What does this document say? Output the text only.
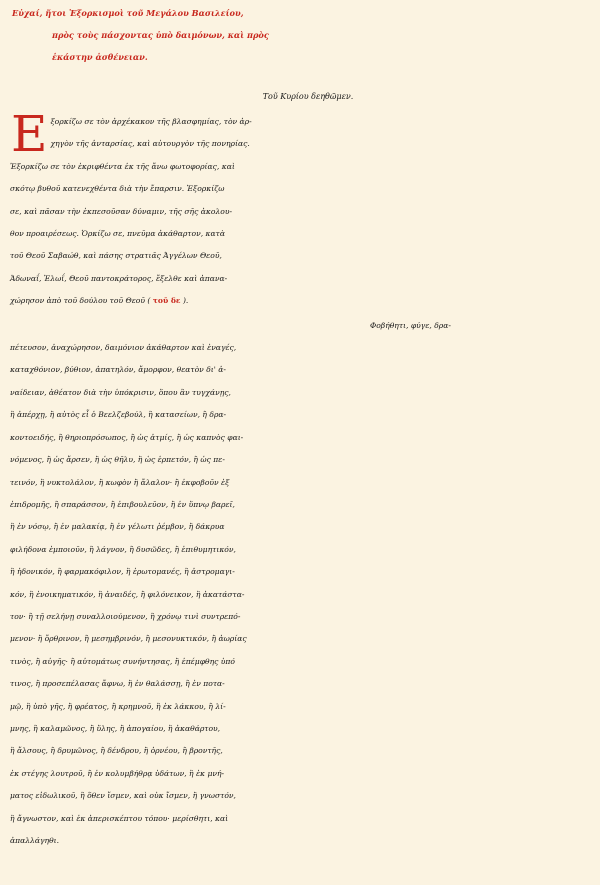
Εὐχαί, ἤτοι Ἐξορκισμοὶ τοῦ Μεγάλου Βασιλείου,
πρὸς τοὺς πάσχοντας ὑπὸ δαιμόνων, καὶ πρὸς
ἑκάστην ἀσθένειαν.
Τοῦ Κυρίου δεηθῶμεν.
Ε ξορκίζω σε τὸν ἀρχέκακον τῆς βλασφημίας, τὸν ἀρ-
χηγὸν τῆς ἀνταρσίας, καὶ αὐτουργὸν τῆς πονηρίας.
Ἐξορκίζω σε τὸν ἐκριφθέντα ἐκ τῆς ἄνω φωτοφορίας, καὶ
σκότῳ βυθοῦ κατενεχθέντα διὰ τὴν ἔπαρσιν. Ἐξορκίζω
σε, καὶ πᾶσαν τὴν ἐκπεσοῦσαν δύναμιν, τῆς σῆς ἀκολου-
θον προαιρέσεως. Ὁρκίζω σε, πνεῦμα ἀκάθαρτον, κατὰ
τοῦ Θεοῦ Σαβαώθ, καὶ πάσης στρατιᾶς Ἀγγέλων Θεοῦ,
Ἀδωναΐ, Ἐλωΐ, Θεοῦ παντοκράτορος, ἔξελθε καὶ ἀπανα-
χώρησον ἀπὸ τοῦ δούλου τοῦ Θεοῦ ( τοῦ δε ).
Φοβήθητι, φύγε, δρα-
πέτευσον, ἀναχώρησον, δαιμόνιον ἀκάθαρτον καὶ ἐναγές,
καταχθόνιον, βύθιον, ἀπατηλόν, ἄμορφον, θεατὸν δι' ἀ-
ναίδειαν, ἀθέατον διὰ τὴν ὑπόκρισιν, ὅπου ἂν τυγχάνῃς,
ἢ ἀπέρχῃ, ἢ αὐτὸς εἶ ὁ Βεελζεβούλ, ἢ κατασείων, ἢ δρα-
κοντοειδής, ἢ θηριοπρόσωπος, ἢ ὡς ἀτμίς, ἢ ὡς καπνὸς φαι-
νόμενος, ἢ ὡς ἄρσεν, ἢ ὡς θῆλυ, ἢ ὡς ἑρπετόν, ἢ ὡς πε-
τεινόν, ἢ νυκτολάλον, ἢ κωφὸν ἢ ἄλαλον· ἢ ἐκφοβοῦν ἐξ
ἐπιδρομῆς, ἢ σπαράσσον, ἢ ἐπιβουλεῦον, ἢ ἐν ὕπνῳ βαρεῖ,
ἢ ἐν νόσῳ, ἢ ἐν μαλακίᾳ, ἢ ἐν γέλωτι ῥέμβον, ἢ δάκρυα
φιλήδονα ἐμποιοῦν, ἢ λάγνον, ἢ δυσῶδες, ἢ ἐπιθυμητικόν,
ἢ ἡδονικόν, ἢ φαρμακόφιλον, ἢ ἐρωτομανές, ἢ ἀστρομαγι-
κόν, ἢ ἐνοικηματικόν, ἢ ἀναιδές, ἢ φιλόνεικον, ἢ ἀκατάστα-
τον· ἢ τῇ σελήνῃ συναλλοιούμενον, ἢ χρόνῳ τινὶ συντρεπό-
μενον· ἢ ὄρθρινον, ἢ μεσημβρινόν, ἢ μεσονυκτικόν, ἢ ἀωρίας
τινὸς, ἢ αὐγῆς· ἢ αὐτομάτως συνήντησας, ἢ ἐπέμφθης ὑπό
τινος, ἢ προσεπέλασας ἄφνω, ἢ ἐν θαλάσσῃ, ἢ ἐν ποτα-
μῷ, ἢ ὑπὸ γῆς, ἢ φρέατος, ἢ κρημνοῦ, ἢ ἐκ λάκκου, ἢ λί-
μνης, ἢ καλαμῶνος, ἢ ὕλης, ἢ ἀπογαίου, ἢ ἀκαθάρτου,
ἢ ἄλσους, ἢ δρυμῶνος, ἢ δένδρου, ἢ ὀρνέου, ἢ βροντῆς,
ἐκ στέγης λουτροῦ, ἢ ἐν κολυμβήθρᾳ ὑδάτων, ἢ ἐκ μνή-
ματος εἰδωλικοῦ, ἢ ὅθεν ἴσμεν, καὶ οὐκ ἴσμεν, ἢ γνωστόν,
ἢ ἄγνωστον, καὶ ἐκ ἀπερισκέπτου τόπου· μερίσθητι, καὶ
ἀπαλλάγηθι.
